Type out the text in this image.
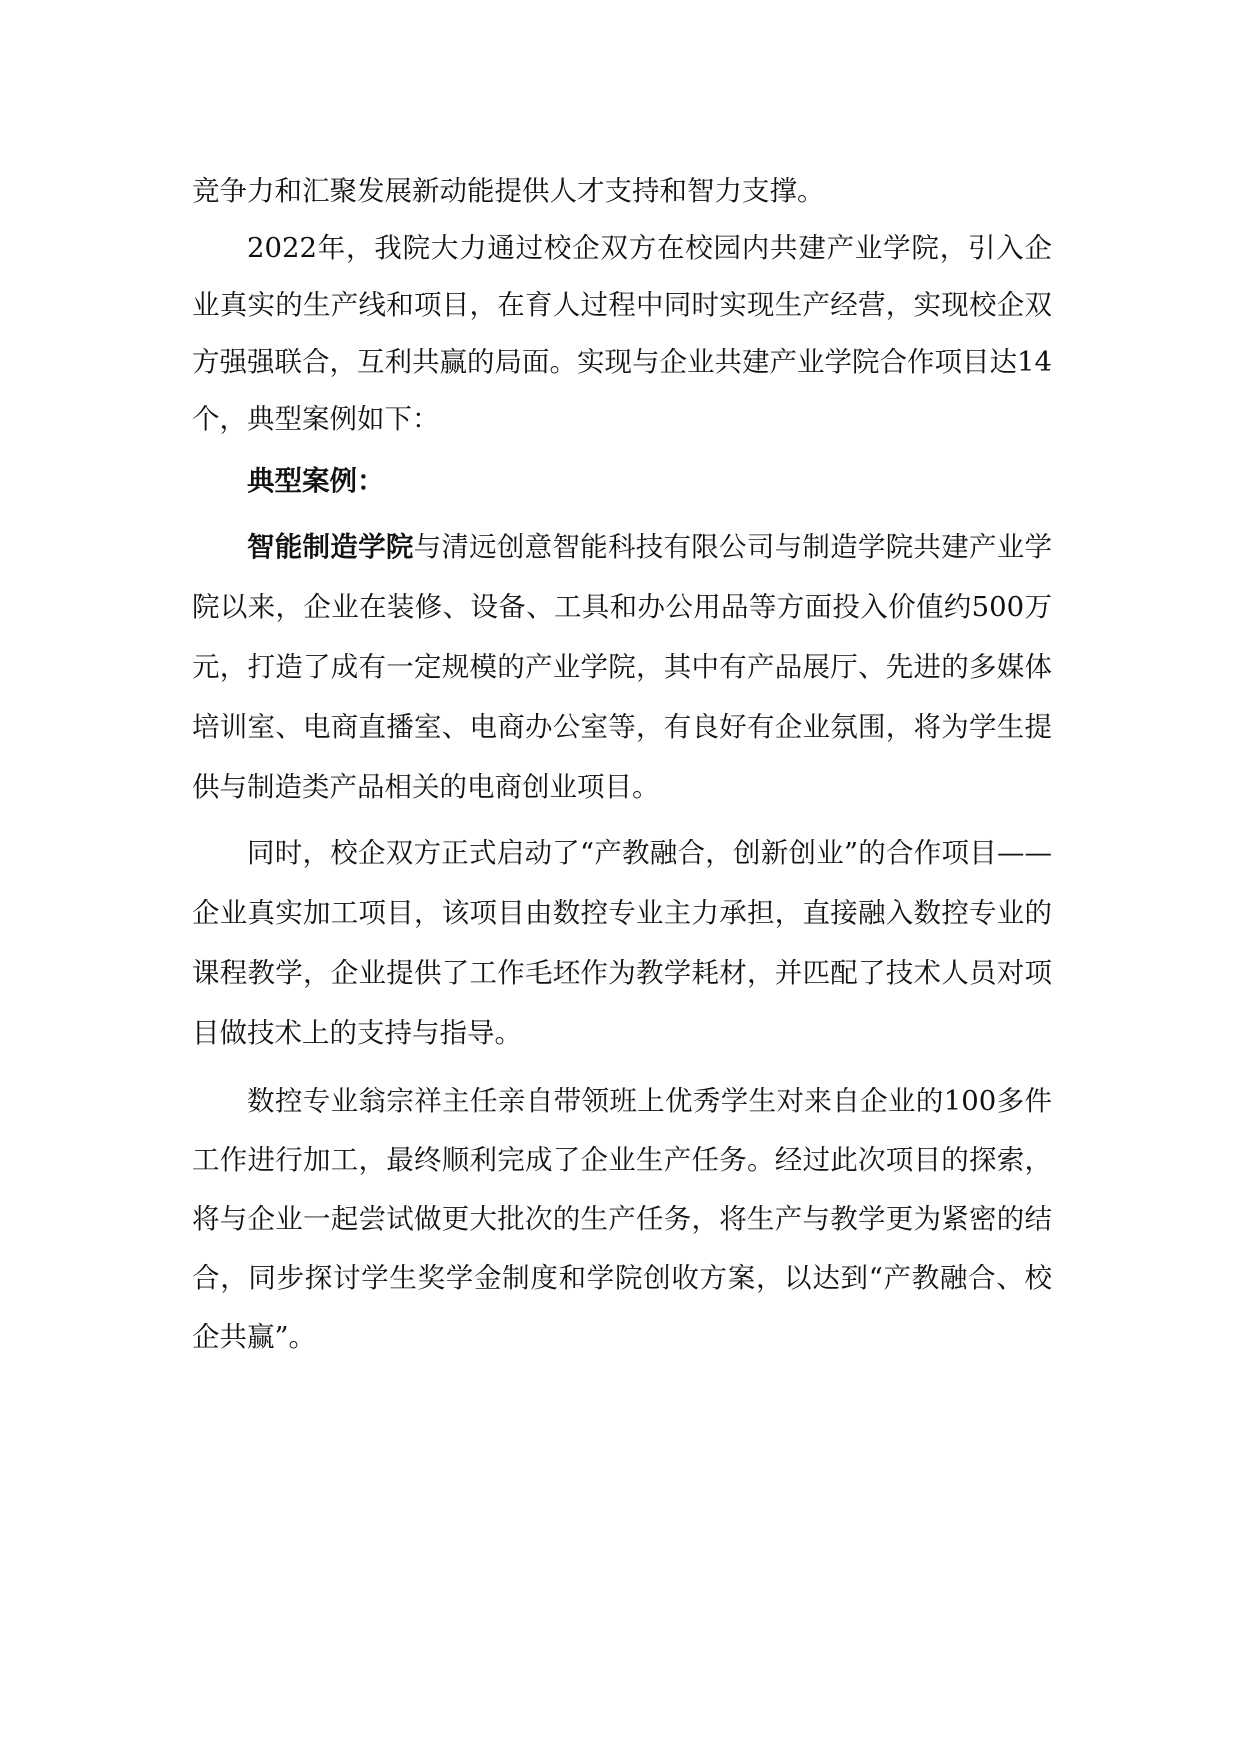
竞争力和汇聚发展新动能提供人才支持和智力支撑。

2022年，我院大力通过校企双方在校园内共建产业学院，引入企业真实的生产线和项目，在育人过程中同时实现生产经营，实现校企双方强强联合，互利共赢的局面。实现与企业共建产业学院合作项目达14个，典型案例如下：

典型案例：

智能制造学院与清远创意智能科技有限公司与制造学院共建产业学院以来，企业在装修、设备、工具和办公用品等方面投入价值约500万元，打造了成有一定规模的产业学院，其中有产品展厅、先进的多媒体培训室、电商直播室、电商办公室等，有良好有企业氛围，将为学生提供与制造类产品相关的电商创业项目。

同时，校企双方正式启动了“产教融合，创新创业”的合作项目——企业真实加工项目，该项目由数控专业主力承担，直接融入数控专业的课程教学，企业提供了工作毛坯作为教学耗材，并匹配了技术人员对项目做技术上的支持与指导。

数控专业翁宗祥主任亲自带领班上优秀学生对来自企业的100多件工作进行加工，最终顺利完成了企业生产任务。经过此次项目的探索，将与企业一起尝试做更大批次的生产任务，将生产与教学更为紧密的结合，同步探讨学生奖学金制度和学院创收方案，以达到“产教融合、校企共赢”。
